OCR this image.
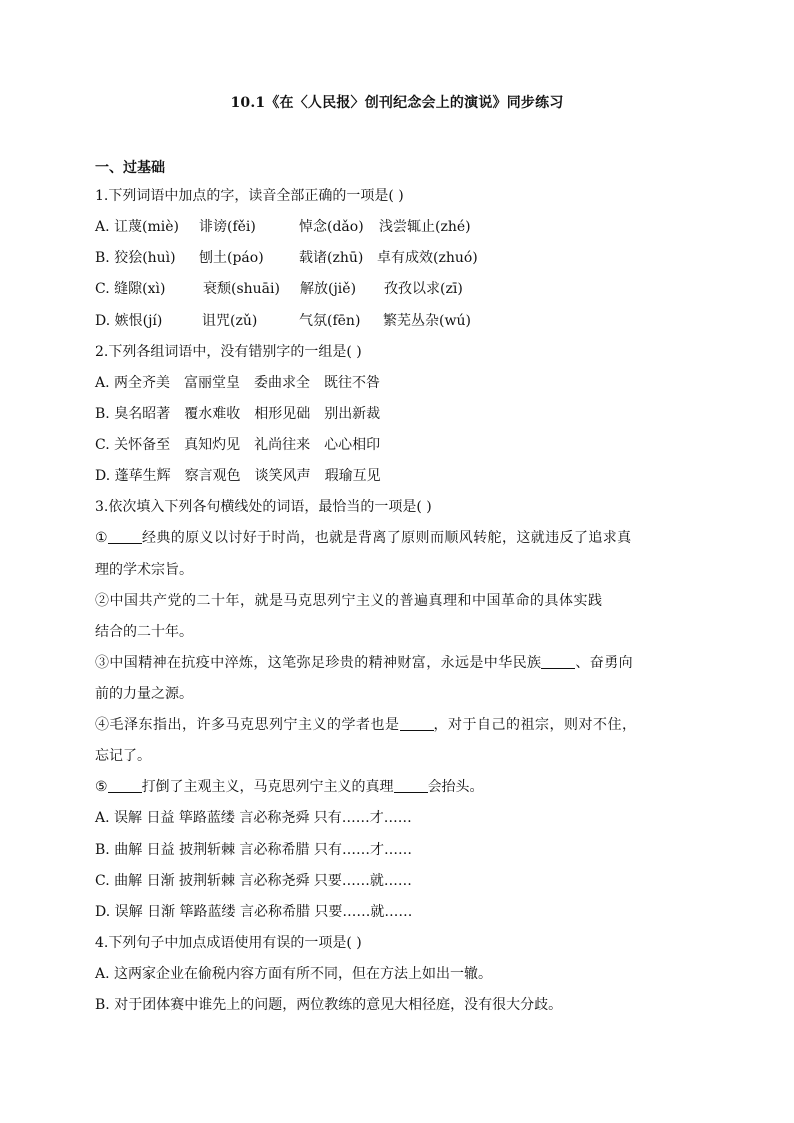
10.1《在〈人民报〉创刊纪念会上的演说》同步练习
一、过基础
1.下列词语中加点的字，读音全部正确的一项是( )
A. 讧蔑(miè) 诽谤(fěi)	悼念(dǎo) 浅尝辄止(zhé)
B. 狡狯(huì) 刨土(páo)	载诸(zhū) 卓有成效(zhuó)
C. 缝隙(xì)	衰颓(shuāi) 解放(jiě) 孜孜以求(zī)
D. 嫉恨(jí)	诅咒(zǔ)	气氛(fēn) 繁芜丛杂(wú)
2.下列各组词语中，没有错别字的一组是( )
A. 两全齐美　富丽堂皇　委曲求全　既往不咎
B. 臭名昭著　覆水难收　相形见础　别出新裁
C. 关怀备至　真知灼见　礼尚往来　心心相印
D. 蓬荜生辉　察言观色　谈笑风声　瑕瑜互见
3.依次填入下列各句横线处的词语，最恰当的一项是( )
① 经典的原义以讨好于时尚，也就是背离了原则而顺风转舵，这就违反了追求真
理的学术宗旨。
②中国共产党的二十年，就是马克思列宁主义的普遍真理和中国革命的具体实践
结合的二十年。
③中国精神在抗疫中淬炼，这笔弥足珍贵的精神财富，永远是中华民族 、奋勇向
前的力量之源。
④毛泽东指出，许多马克思列宁主义的学者也是 ，对于自己的祖宗，则对不住，
忘记了。
⑤ 打倒了主观主义，马克思列宁主义的真理 会抬头。
A. 误解 日益 筚路蓝缕 言必称尧舜 只有……才……
B. 曲解 日益 披荆斩棘 言必称希腊 只有……才……
C. 曲解 日渐 披荆斩棘 言必称尧舜 只要……就……
D. 误解 日渐 筚路蓝缕 言必称希腊 只要……就……
4.下列句子中加点成语使用有误的一项是( )
A. 这两家企业在偷税内容方面有所不同，但在方法上如出一辙。
B. 对于团体赛中谁先上的问题，两位教练的意见大相径庭，没有很大分歧。
